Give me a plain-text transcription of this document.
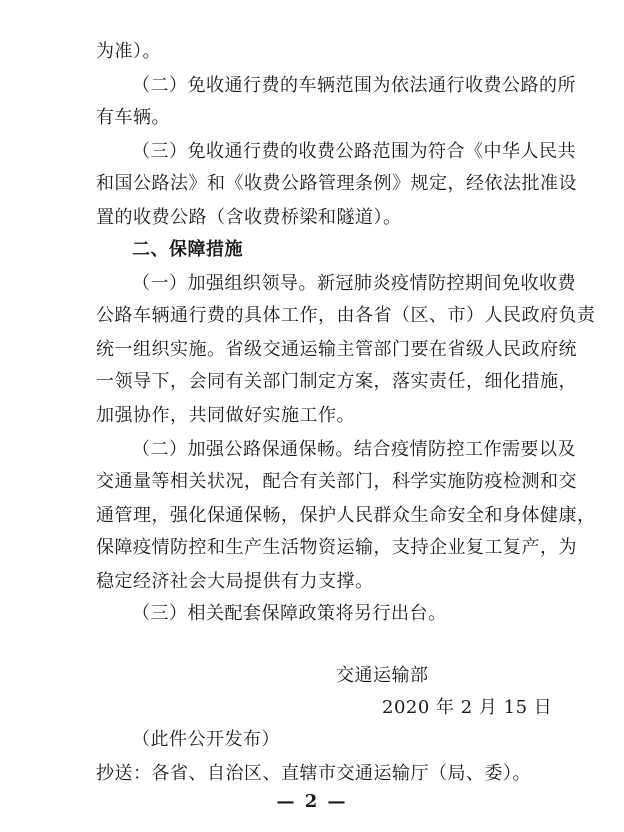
为准）。
（二）免收通行费的车辆范围为依法通行收费公路的所
有车辆。
（三）免收通行费的收费公路范围为符合《中华人民共
和国公路法》和《收费公路管理条例》规定，经依法批准设
置的收费公路（含收费桥梁和隧道）。
二、保障措施
（一）加强组织领导。新冠肺炎疫情防控期间免收收费
公路车辆通行费的具体工作，由各省（区、市）人民政府负责
统一组织实施。省级交通运输主管部门要在省级人民政府统
一领导下，会同有关部门制定方案，落实责任，细化措施，
加强协作，共同做好实施工作。
（二）加强公路保通保畅。结合疫情防控工作需要以及
交通量等相关状况，配合有关部门，科学实施防疫检测和交
通管理，强化保通保畅，保护人民群众生命安全和身体健康，
保障疫情防控和生产生活物资运输，支持企业复工复产，为
稳定经济社会大局提供有力支撑。
（三）相关配套保障政策将另行出台。
交通运输部
2020 年 2 月 15 日
（此件公开发布）
抄送：各省、自治区、直辖市交通运输厅（局、委）。
— 2 —
